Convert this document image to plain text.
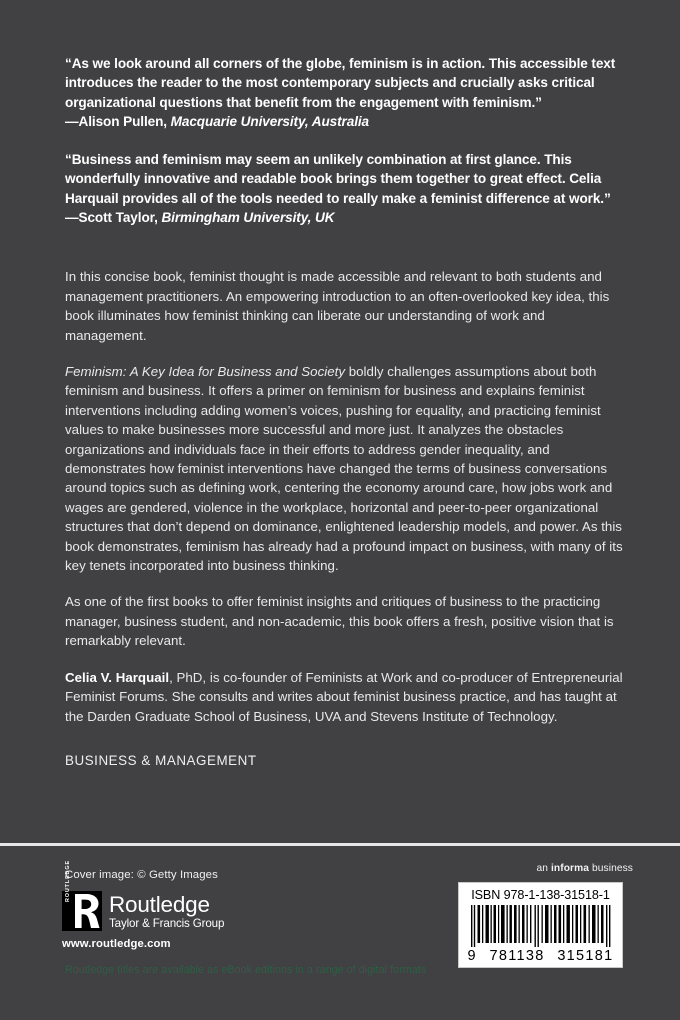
“As we look around all corners of the globe, feminism is in action. This accessible text introduces the reader to the most contemporary subjects and crucially asks critical organizational questions that benefit from the engagement with feminism.”
—Alison Pullen, Macquarie University, Australia

“Business and feminism may seem an unlikely combination at first glance. This wonderfully innovative and readable book brings them together to great effect. Celia Harquail provides all of the tools needed to really make a feminist difference at work.”
—Scott Taylor, Birmingham University, UK

In this concise book, feminist thought is made accessible and relevant to both students and management practitioners. An empowering introduction to an often-overlooked key idea, this book illuminates how feminist thinking can liberate our understanding of work and management.

Feminism: A Key Idea for Business and Society boldly challenges assumptions about both feminism and business. It offers a primer on feminism for business and explains feminist interventions including adding women’s voices, pushing for equality, and practicing feminist values to make businesses more successful and more just. It analyzes the obstacles organizations and individuals face in their efforts to address gender inequality, and demonstrates how feminist interventions have changed the terms of business conversations around topics such as defining work, centering the economy around care, how jobs work and wages are gendered, violence in the workplace, horizontal and peer-to-peer organizational structures that don’t depend on dominance, enlightened leadership models, and power. As this book demonstrates, feminism has already had a profound impact on business, with many of its key tenets incorporated into business thinking.

As one of the first books to offer feminist insights and critiques of business to the practicing manager, business student, and non-academic, this book offers a fresh, positive vision that is remarkably relevant.

Celia V. Harquail, PhD, is co-founder of Feminists at Work and co-producer of Entrepreneurial Feminist Forums. She consults and writes about feminist business practice, and has taught at the Darden Graduate School of Business, UVA and Stevens Institute of Technology.

BUSINESS & MANAGEMENT
Cover image: © Getty Images
ROUTLEDGE
Routledge
Taylor & Francis Group
www.routledge.com
Routledge titles are available as eBook editions in a range of digital formats
an informa business
ISBN 978-1-138-31518-1
9 781138 315181
